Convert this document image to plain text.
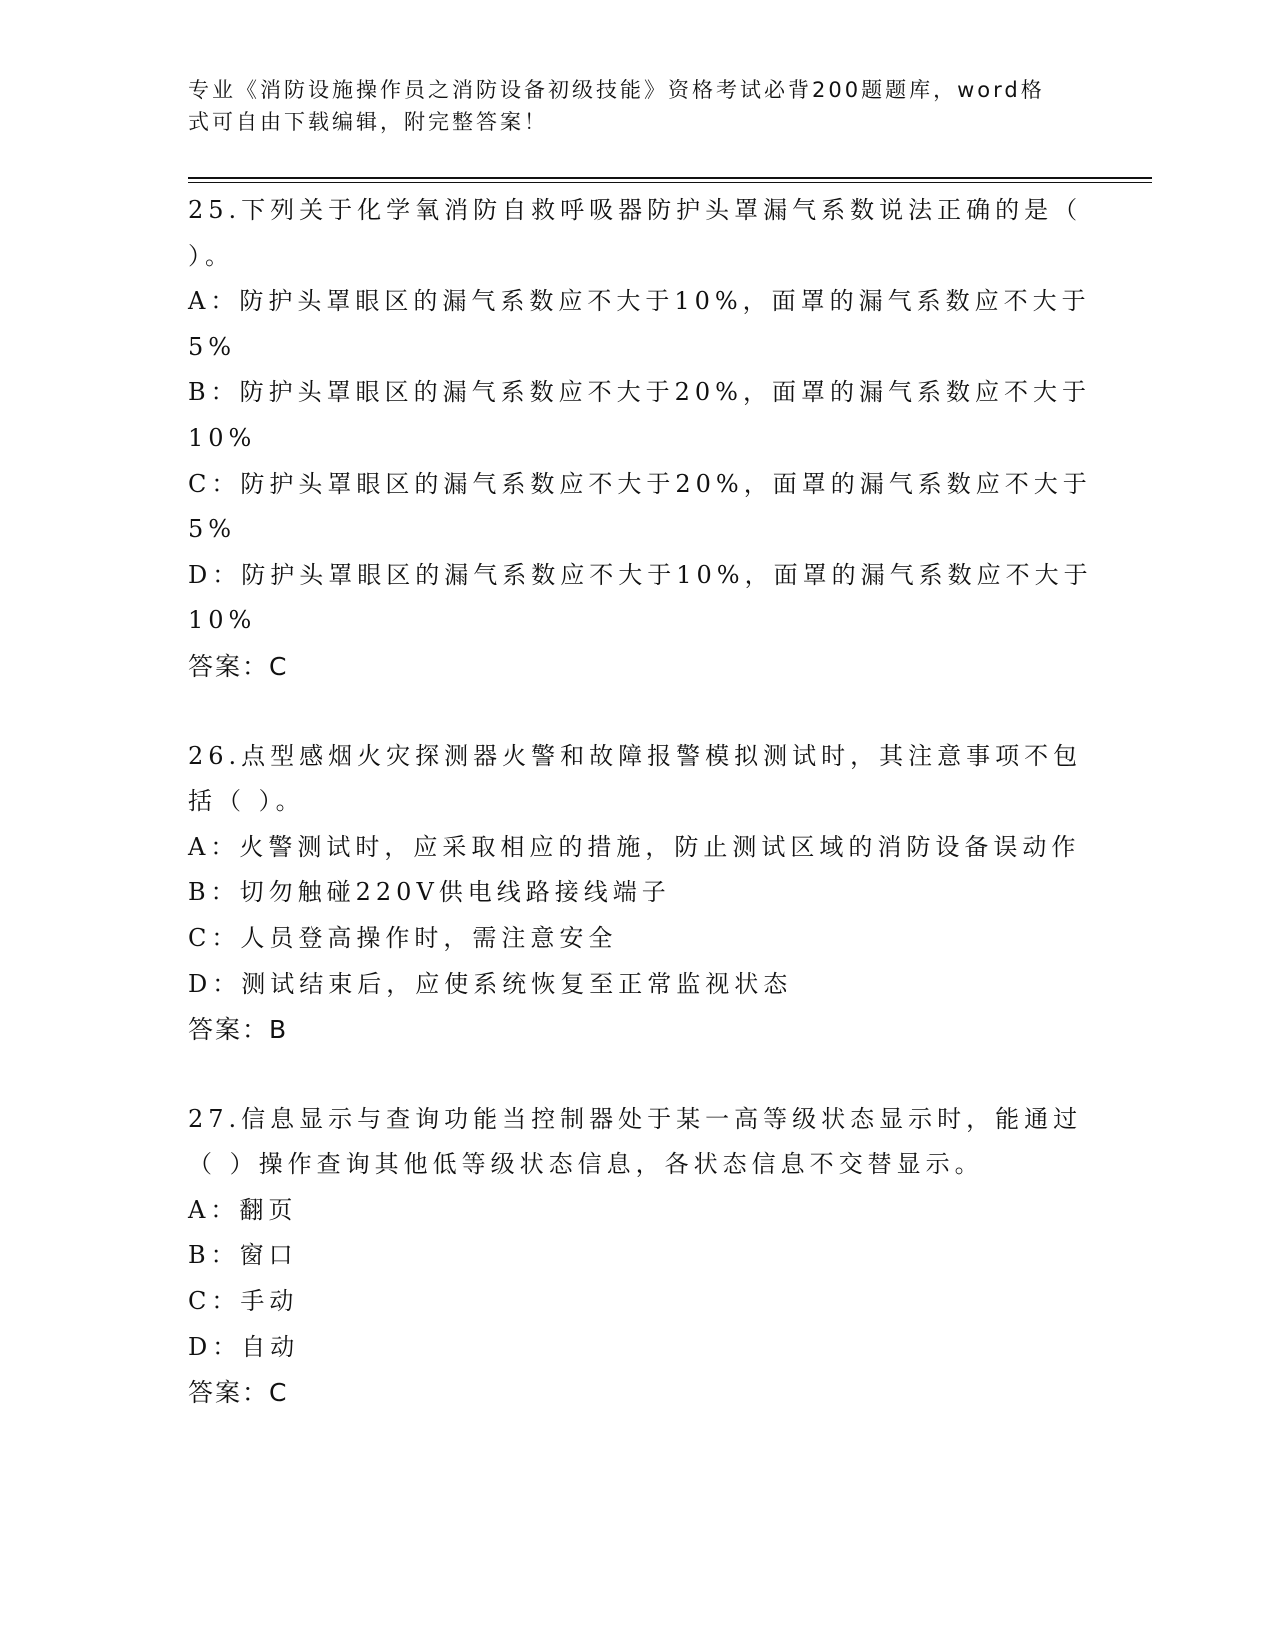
专业《消防设施操作员之消防设备初级技能》资格考试必背200题题库，word格
式可自由下载编辑，附完整答案！

25.下列关于化学氧消防自救呼吸器防护头罩漏气系数说法正确的是（

）。

A：防护头罩眼区的漏气系数应不大于10%，面罩的漏气系数应不大于

5%

B：防护头罩眼区的漏气系数应不大于20%，面罩的漏气系数应不大于

10%

C：防护头罩眼区的漏气系数应不大于20%，面罩的漏气系数应不大于

5%

D：防护头罩眼区的漏气系数应不大于10%，面罩的漏气系数应不大于

10%

答案：C

26.点型感烟火灾探测器火警和故障报警模拟测试时，其注意事项不包

括（ ）。

A：火警测试时，应采取相应的措施，防止测试区域的消防设备误动作

B：切勿触碰220V供电线路接线端子

C：人员登高操作时，需注意安全

D：测试结束后，应使系统恢复至正常监视状态

答案：B

27.信息显示与查询功能当控制器处于某一高等级状态显示时，能通过

（ ）操作查询其他低等级状态信息，各状态信息不交替显示。

A：翻页

B：窗口

C：手动

D：自动

答案：C
